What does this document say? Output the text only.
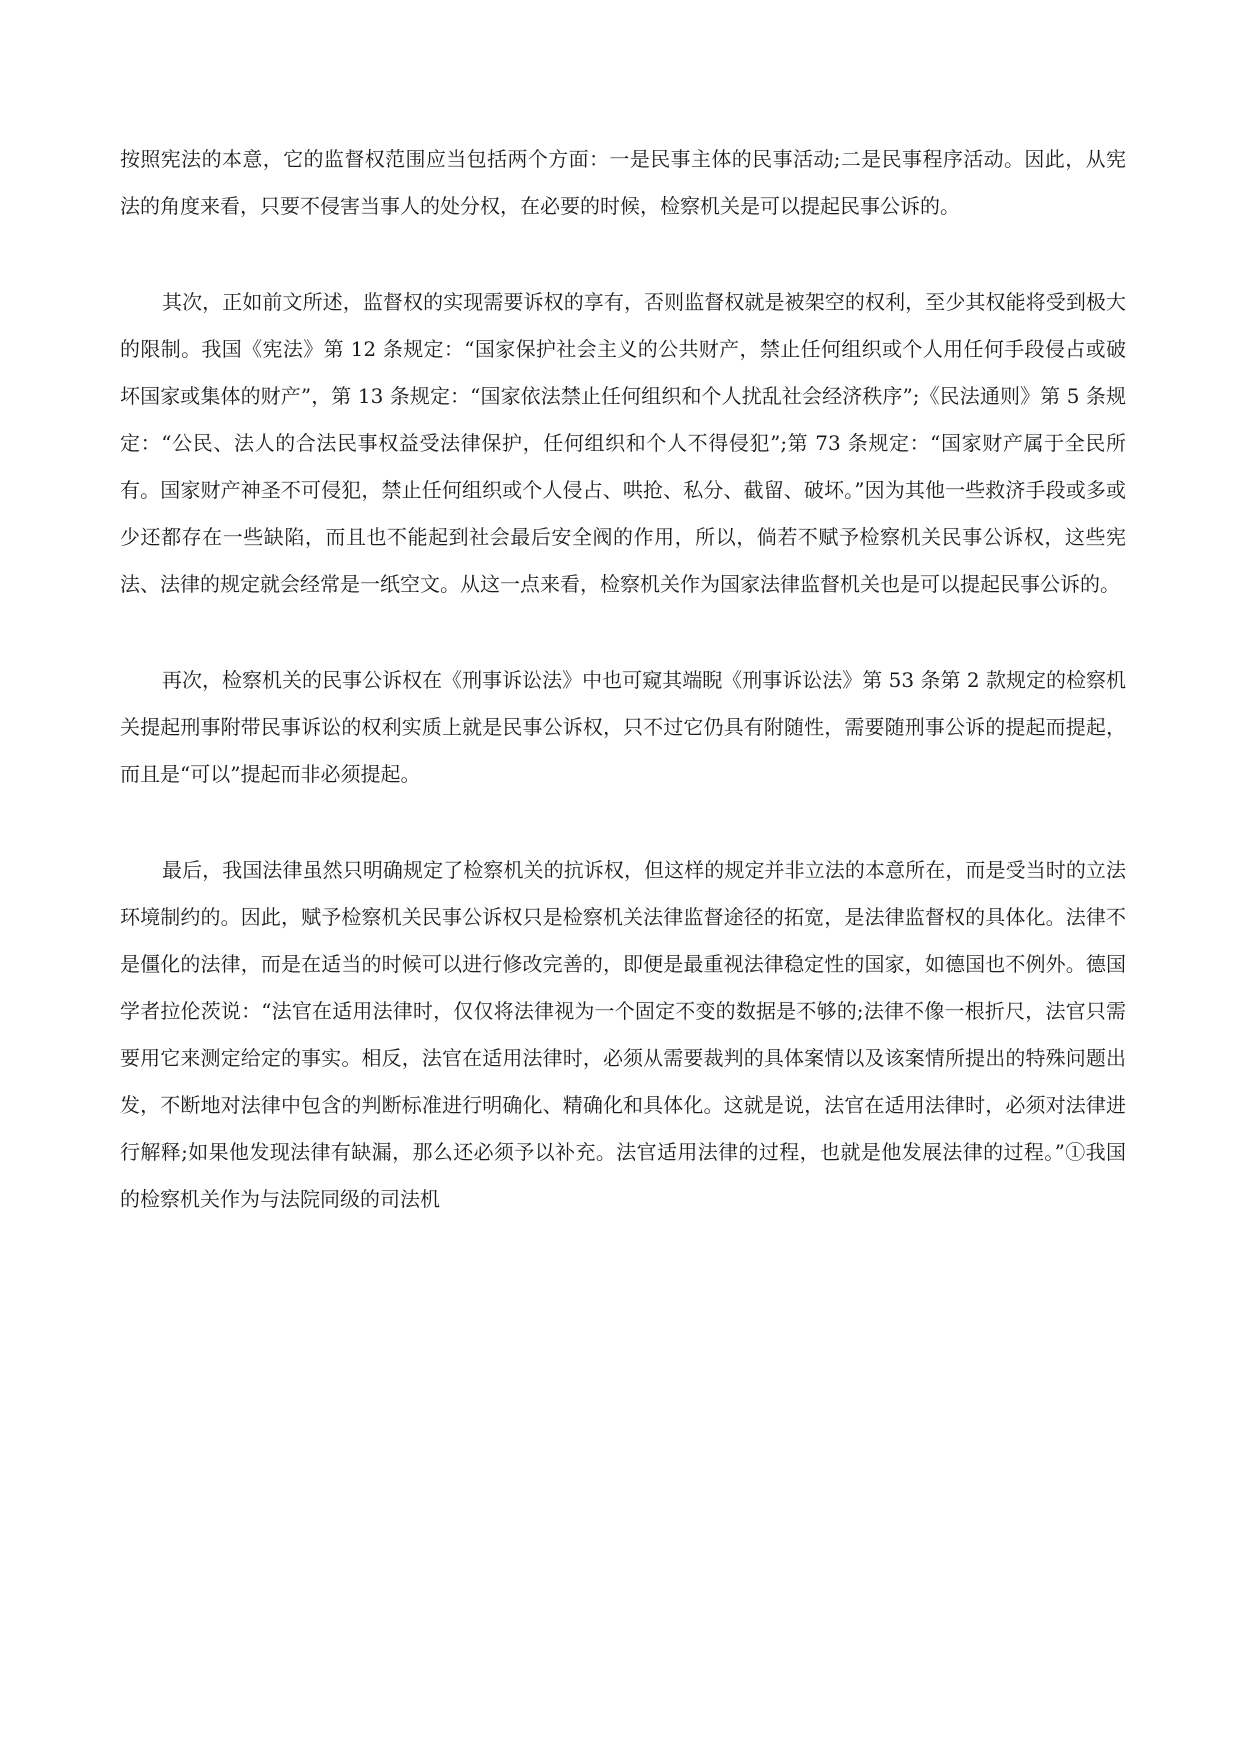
按照宪法的本意，它的监督权范围应当包括两个方面：一是民事主体的民事活动;二是民事程序活动。因此，从宪法的角度来看，只要不侵害当事人的处分权，在必要的时候，检察机关是可以提起民事公诉的。

其次，正如前文所述，监督权的实现需要诉权的享有，否则监督权就是被架空的权利，至少其权能将受到极大的限制。我国《宪法》第 12 条规定：“国家保护社会主义的公共财产，禁止任何组织或个人用任何手段侵占或破坏国家或集体的财产”，第 13 条规定：“国家依法禁止任何组织和个人扰乱社会经济秩序”;《民法通则》第 5 条规定：“公民、法人的合法民事权益受法律保护，任何组织和个人不得侵犯”;第 73 条规定：“国家财产属于全民所有。国家财产神圣不可侵犯，禁止任何组织或个人侵占、哄抢、私分、截留、破坏。”因为其他一些救济手段或多或少还都存在一些缺陷，而且也不能起到社会最后安全阀的作用，所以，倘若不赋予检察机关民事公诉权，这些宪法、法律的规定就会经常是一纸空文。从这一点来看，检察机关作为国家法律监督机关也是可以提起民事公诉的。

再次，检察机关的民事公诉权在《刑事诉讼法》中也可窥其端睨《刑事诉讼法》第 53 条第 2 款规定的检察机关提起刑事附带民事诉讼的权利实质上就是民事公诉权，只不过它仍具有附随性，需要随刑事公诉的提起而提起，而且是“可以”提起而非必须提起。

最后，我国法律虽然只明确规定了检察机关的抗诉权，但这样的规定并非立法的本意所在，而是受当时的立法环境制约的。因此，赋予检察机关民事公诉权只是检察机关法律监督途径的拓宽，是法律监督权的具体化。法律不是僵化的法律，而是在适当的时候可以进行修改完善的，即便是最重视法律稳定性的国家，如德国也不例外。德国学者拉伦茨说：“法官在适用法律时，仅仅将法律视为一个固定不变的数据是不够的;法律不像一根折尺，法官只需要用它来测定给定的事实。相反，法官在适用法律时，必须从需要裁判的具体案情以及该案情所提出的特殊问题出发，不断地对法律中包含的判断标准进行明确化、精确化和具体化。这就是说，法官在适用法律时，必须对法律进行解释;如果他发现法律有缺漏，那么还必须予以补充。法官适用法律的过程，也就是他发展法律的过程。”①我国的检察机关作为与法院同级的司法机
